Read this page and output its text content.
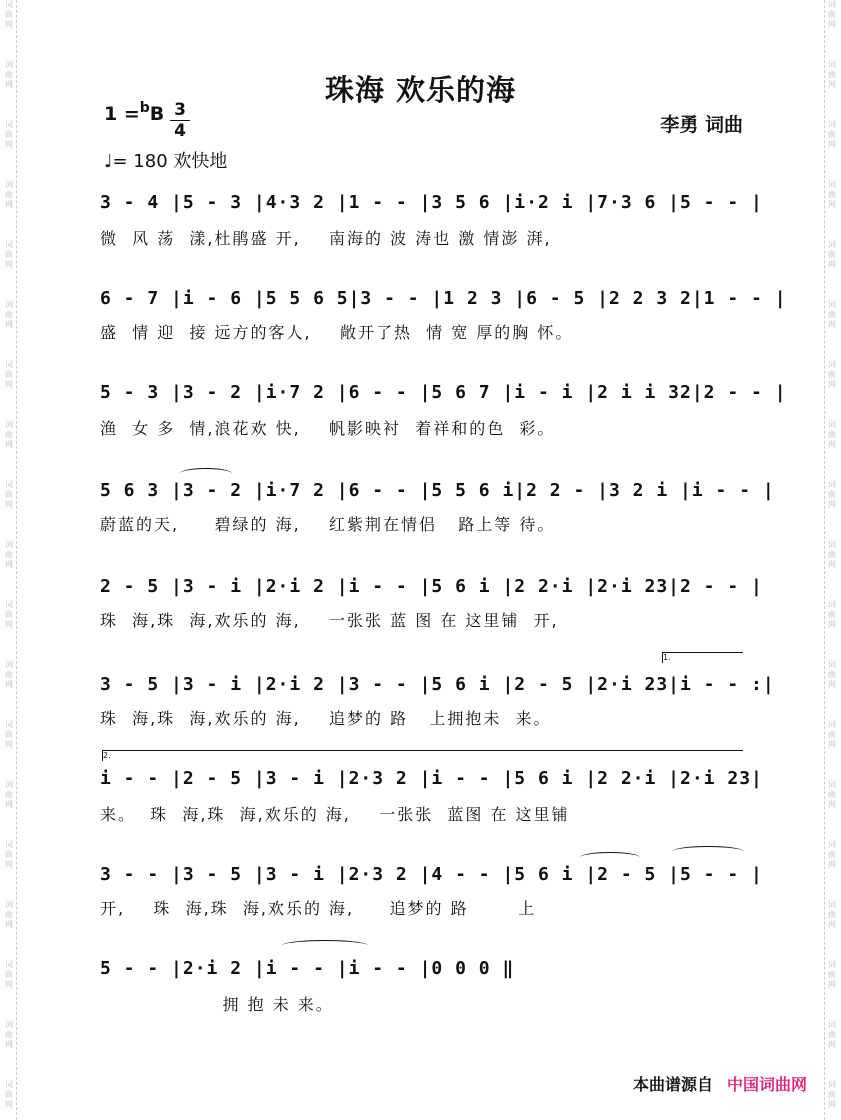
词曲网
词曲网
词曲网
词曲网
词曲网
词曲网
词曲网
词曲网
词曲网
词曲网
词曲网
词曲网
词曲网
词曲网
词曲网
词曲网
词曲网
词曲网
词曲网
词曲网
词曲网
词曲网
词曲网
词曲网
词曲网
词曲网
词曲网
词曲网
词曲网
词曲网
词曲网
词曲网
词曲网
词曲网
词曲网
词曲网
词曲网
词曲网
珠海 欢乐的海
1 =$^b$B 3
4
♩= 180 欢快地
李勇 词曲
3 - 4 |5 - 3 |4·3 2 |1 - - |3 5 6 |i·2 i |7·3 6 |5 - - |
微  风 荡  漾,杜鹃盛 开,    南海的 波 涛也 激 情澎 湃,
6 - 7 |i - 6 |5 5 6 5|3 - - |1 2 3 |6 - 5 |2 2 3 2|1 - - |
盛  情 迎  接 远方的客人,    敞开了热  情 宽 厚的胸 怀。
5 - 3 |3 - 2 |i·7 2 |6 - - |5 6 7 |i - i |2 i i 32|2 - - |
渔  女 多  情,浪花欢 快,    帆影映衬  着祥和的色  彩。
5 6 3 |3 - 2 |i·7 2 |6 - - |5 5 6 i|2 2 - |3 2 i |i - - |
蔚蓝的天,     碧绿的 海,    红紫荆在情侣   路上等 待。
2 - 5 |3 - i |2·i 2 |i - - |5 6 i |2 2·i |2·i 23|2 - - |
珠  海,珠  海,欢乐的 海,    一张张 蓝 图 在 这里铺  开,
3 - 5 |3 - i |2·i 2 |3 - - |5 6 i |2 - 5 |2·i 23|i - - :|
珠  海,珠  海,欢乐的 海,    追梦的 路   上拥抱未  来。
i - - |2 - 5 |3 - i |2·3 2 |i - - |5 6 i |2 2·i |2·i 23|
来。  珠  海,珠  海,欢乐的 海,    一张张  蓝图 在 这里铺
3 - - |3 - 5 |3 - i |2·3 2 |4 - - |5 6 i |2 - 5 |5 - - |
开,    珠  海,珠  海,欢乐的 海,     追梦的 路       上
5 - - |2·i 2 |i - - |i - - |0 0 0 ‖
拥 抱 未 来。
1.
2.
本曲谱源自 中国词曲网
